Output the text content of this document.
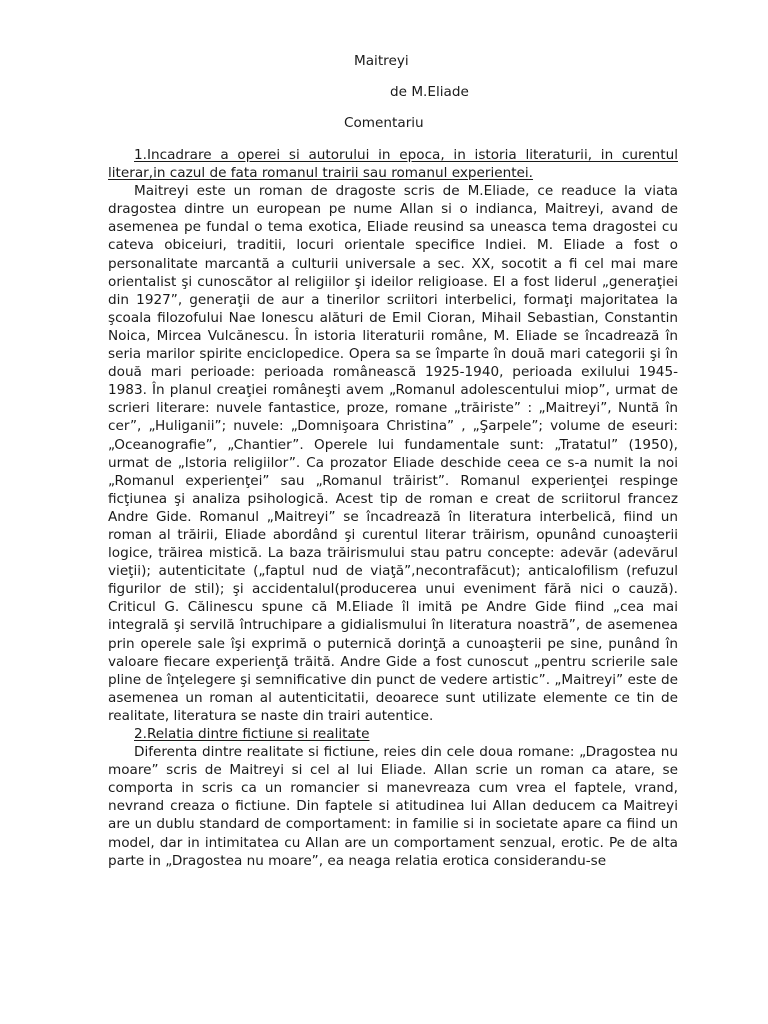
Maitreyi
de M.Eliade
Comentariu

1.Incadrare a operei si autorului in epoca, in istoria literaturii, in curentul literar,in cazul de fata romanul trairii sau romanul experientei.

Maitreyi este un roman de dragoste scris de M.Eliade, ce readuce la viata dragostea dintre un european pe nume Allan si o indianca, Maitreyi, avand de asemenea pe fundal o tema exotica, Eliade reusind sa uneasca tema dragostei cu cateva obiceiuri, traditii, locuri orientale specifice Indiei. M. Eliade a fost o personalitate marcantă a culturii universale a sec. XX, socotit a fi cel mai mare orientalist şi cunoscător al religiilor şi ideilor religioase. El a fost liderul „generaţiei din 1927”, generaţii de aur a tinerilor scriitori interbelici, formaţi majoritatea la şcoala filozofului Nae Ionescu alături de Emil Cioran, Mihail Sebastian, Constantin Noica, Mircea Vulcănescu. În istoria literaturii române, M. Eliade se încadrează în seria marilor spirite enciclopedice. Opera sa se împarte în două mari categorii şi în două mari perioade: perioada românească 1925-1940, perioada exilului 1945-1983. În planul creaţiei româneşti avem „Romanul adolescentului miop”, urmat de scrieri literare: nuvele fantastice, proze, romane „trăiriste” : „Maitreyi”, Nuntă în cer”, „Huliganii”; nuvele: „Domnişoara Christina” , „Şarpele”; volume de eseuri: „Oceanografie”, „Chantier”. Operele lui fundamentale sunt: „Tratatul” (1950), urmat de „Istoria religiilor”. Ca prozator Eliade deschide ceea ce s-a numit la noi „Romanul experienţei” sau „Romanul trăirist”. Romanul experienţei respinge ficţiunea şi analiza psihologică. Acest tip de roman e creat de scriitorul francez Andre Gide. Romanul „Maitreyi” se încadrează în literatura interbelică, fiind un roman al trăirii, Eliade abordând şi curentul literar trăirism, opunând cunoaşterii logice, trăirea mistică. La baza trăirismului stau patru concepte: adevăr (adevărul vieţii); autenticitate („faptul nud de viaţă”,necontrafăcut); anticalofilism (refuzul figurilor de stil); şi accidentalul(producerea unui eveniment fără nici o cauză). Criticul G. Călinescu spune că M.Eliade îl imită pe Andre Gide fiind „cea mai integrală şi servilă întruchipare a gidialismului în literatura noastră”, de asemenea prin operele sale îşi exprimă o puternică dorinţă a cunoaşterii pe sine, punând în valoare fiecare experienţă trăită. Andre Gide a fost cunoscut „pentru scrierile sale pline de înţelegere şi semnificative din punct de vedere artistic”. „Maitreyi” este de asemenea un roman al autenticitatii, deoarece sunt utilizate elemente ce tin de realitate, literatura se naste din trairi autentice.

2.Relatia dintre fictiune si realitate

Diferenta dintre realitate si fictiune, reies din cele doua romane: „Dragostea nu moare” scris de Maitreyi si cel al lui Eliade. Allan scrie un roman ca atare, se comporta in scris ca un romancier si manevreaza cum vrea el faptele, vrand, nevrand creaza o fictiune. Din faptele si atitudinea lui Allan deducem ca Maitreyi are un dublu standard de comportament: in familie si in societate apare ca fiind un model, dar in intimitatea cu Allan are un comportament senzual, erotic. Pe de alta parte in „Dragostea nu moare”, ea neaga relatia erotica considerandu-se
